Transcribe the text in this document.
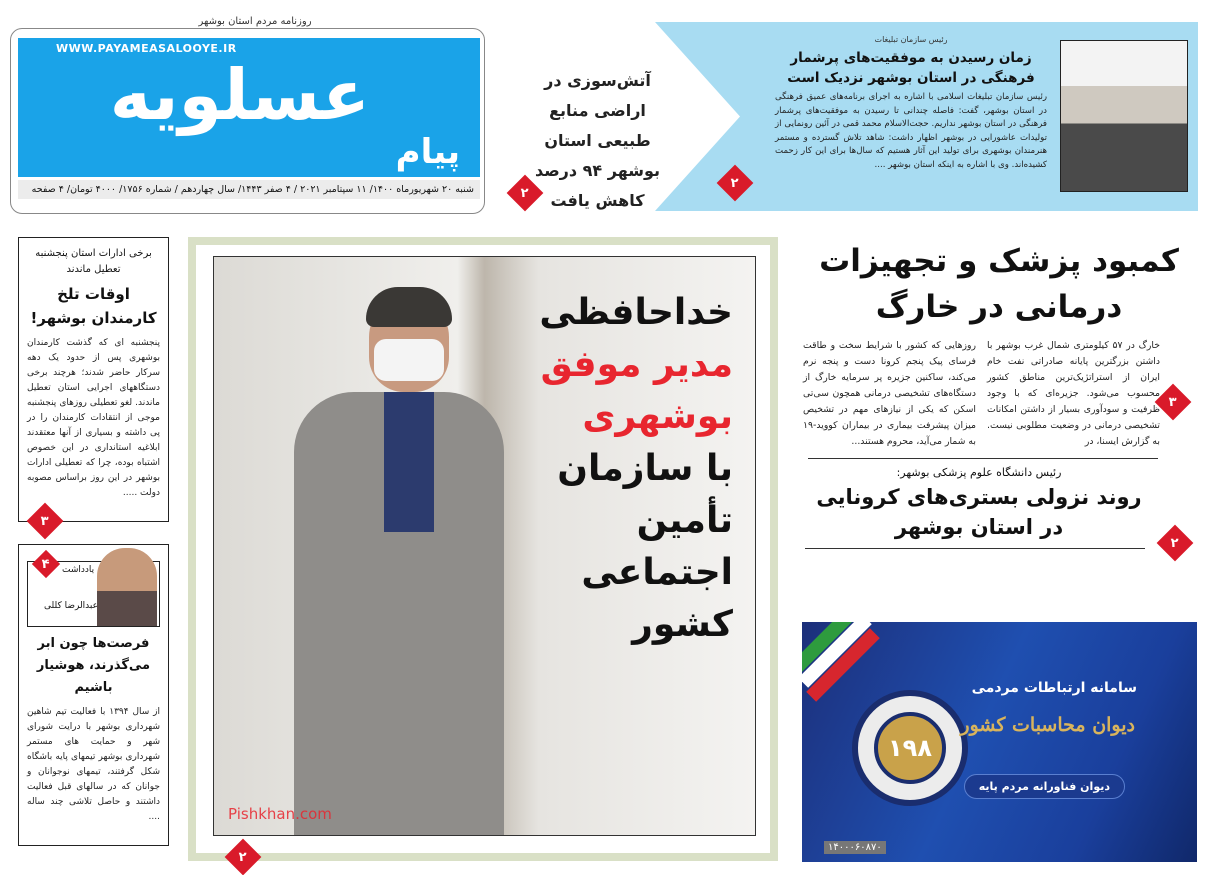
روزنامه مردم استان بوشهر
WWW.PAYAMEASALOOYE.IR
عسلویه
پیام
شنبه ۲۰ شهریورماه ۱۴۰۰/ ۱۱ سپتامبر ۲۰۲۱ / ۴ صفر ۱۴۴۳/ سال چهاردهم / شماره ۱۷۵۶/ ۴۰۰۰ تومان/ ۴ صفحه
آتش‌سوزی در اراضی منابع طبیعی استان بوشهر ۹۴ درصد کاهش یافت
۲
رئیس سازمان تبلیغات
زمان رسیدن به موفقیت‌های پرشمار فرهنگی در استان بوشهر نزدیک است
رئیس سازمان تبلیغات اسلامی با اشاره به اجرای برنامه‌های عمیق فرهنگی در استان بوشهر، گفت: فاصله چندانی تا رسیدن به موفقیت‌های پرشمار فرهنگی در استان بوشهر نداریم. حجت‌الاسلام محمد قمی در آئین رونمایی از تولیدات عاشورایی در بوشهر اظهار داشت: شاهد تلاش گسترده و مستمر هنرمندان بوشهری برای تولید این آثار هستیم که سال‌ها برای این کار زحمت کشیده‌اند. وی با اشاره به اینکه استان بوشهر ....
۲
کمبود پزشک و تجهیزات درمانی در خارگ
خارگ در ۵۷ کیلومتری شمال غرب بوشهر با داشتن بزرگترین پایانه صادراتی نفت خام ایران از استراتژیک‌ترین مناطق کشور محسوب می‌شود. جزیره‌ای که با وجود ظرفیت و سودآوری بسیار از داشتن امکانات تشخیصی درمانی در وضعیت مطلوبی نیست. به گزارش ایسنا، در
روزهایی که کشور با شرایط سخت و طاقت فرسای پیک پنجم کرونا دست و پنجه نرم می‌کند، ساکنین جزیره پر سرمایه خارگ از دستگاه‌های تشخیصی درمانی همچون سی‌تی اسکن که یکی از نیازهای مهم در تشخیص میزان پیشرفت بیماری در بیماران کووید-۱۹ به شمار می‌آید، محروم هستند...
رئیس دانشگاه علوم پزشکی بوشهر:
روند نزولی بستری‌های کرونایی در استان بوشهر
۳
۲
۱۹۸
سامانه ارتباطات مردمی
دیوان محاسبات کشور
دیوان فناورانه مردم پایه
۱۴۰۰۰۶۰۸۷۰
خداحافظی
مدیر موفق بوشهری
با سازمان تأمین اجتماعی کشور
Pishkhan.com
۲
برخی ادارات استان پنجشنبه تعطیل ماندند
اوقات تلخ کارمندان بوشهر!
پنجشنبه ای که گذشت کارمندان بوشهری پس از حدود یک دهه سرکار حاضر شدند؛ هرچند برخی دستگاههای اجرایی استان تعطیل ماندند. لغو تعطیلی روزهای پنجشنبه موجی از انتقادات کارمندان را در پی داشته و بسیاری از آنها معتقدند ابلاغیه استانداری در این خصوص اشتباه بوده، چرا که تعطیلی ادارات بوشهر در این روز براساس مصوبه دولت .....
۳
۴ یادداشت
عبدالرضا کللی
فرصت‌ها چون ابر می‌گذرند، هوشیار باشیم
از سال ۱۳۹۴ با فعالیت تیم شاهین شهرداری بوشهر با درایت شورای شهر و حمایت های مستمر شهرداری بوشهر تیمهای پایه باشگاه شکل گرفتند، تیمهای نوجوانان و جوانان که در سالهای قبل فعالیت داشتند و حاصل تلاشی چند ساله ....
